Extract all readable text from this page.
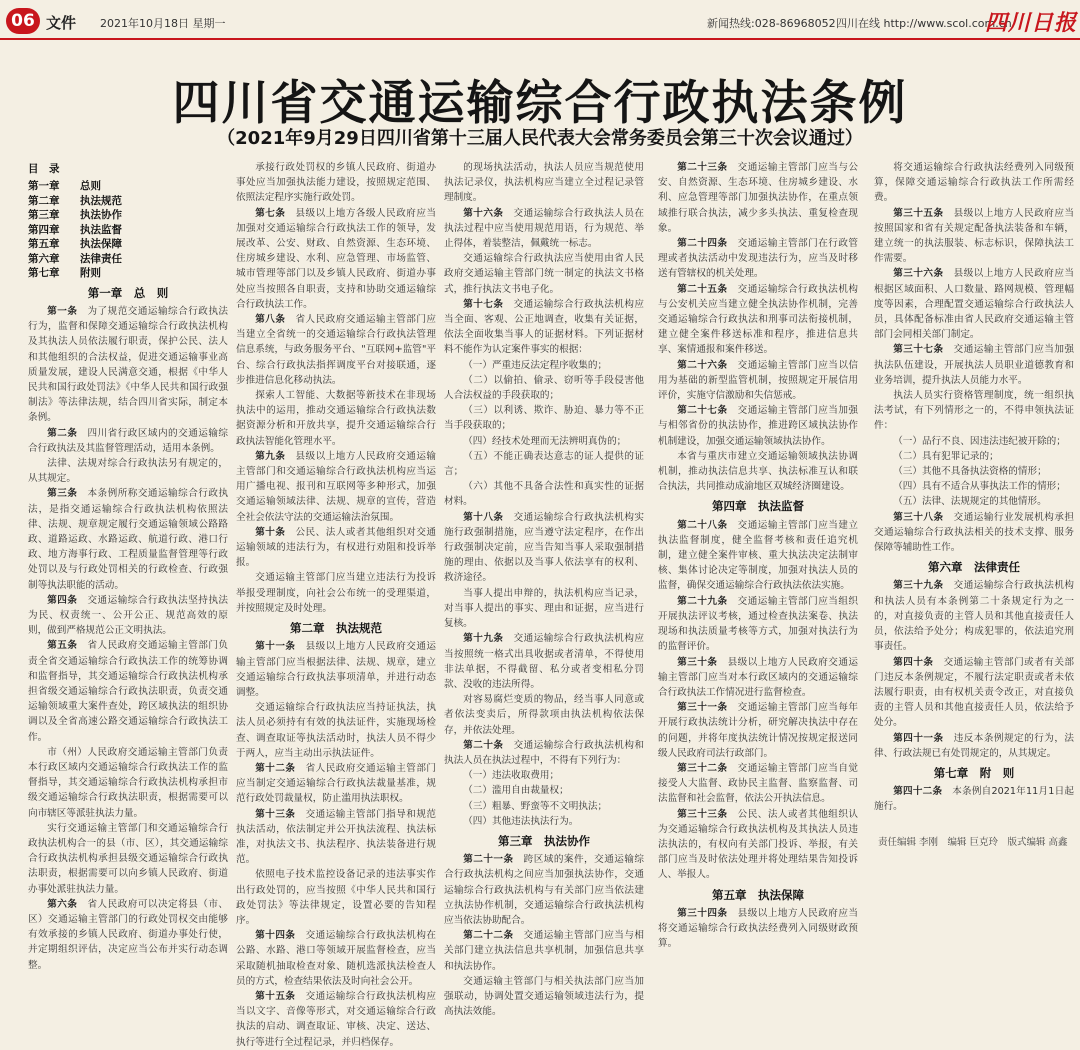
06 文件 2021年10月18日 星期一	新闻热线:028-86968052 四川在线 http://www.scol.com.cn
四川日报
四川省交通运输综合行政执法条例
（2021年9月29日四川省第十三届人民代表大会常务委员会第三十次会议通过）
目　录
第一章	总则
第二章	执法规范
第三章	执法协作
第四章	执法监督
第五章	执法保障
第六章	法律责任
第七章	附则
第一章　总　则

第一条　 为了规范交通运输综合行政执法行为，监督和保障交通运输综合行政执法机构及其执法人员依法履行职责，保护公民、法人和其他组织的合法权益，促进交通运输事业高质量发展，建设人民满意交通，根据《中华人民共和国行政处罚法》《中华人民共和国行政强制法》等法律法规，结合四川省实际，制定本条例。

第二条　 四川省行政区域内的交通运输综合行政执法及其监督管理活动，适用本条例。

法律、法规对综合行政执法另有规定的，从其规定。

第三条　 本条例所称交通运输综合行政执法，是指交通运输综合行政执法机构依照法律、法规、规章规定履行交通运输领域公路路政、道路运政、水路运政、航道行政、港口行政、地方海事行政、工程质量监督管理等行政处罚以及与行政处罚相关的行政检查、行政强制等执法职能的活动。

第四条　 交通运输综合行政执法坚持执法为民、权责统一、公开公正、规范高效的原则，做到严格规范公正文明执法。

第五条　 省人民政府交通运输主管部门负责全省交通运输综合行政执法工作的统筹协调和监督指导，其交通运输综合行政执法机构承担省级交通运输综合行政执法职责，负责交通运输领域重大案件查处，跨区域执法的组织协调以及全省高速公路交通运输综合行政执法工作。

市（州）人民政府交通运输主管部门负责本行政区域内交通运输综合行政执法工作的监督指导，其交通运输综合行政执法机构承担市级交通运输综合行政执法职责，根据需要可以向市辖区等派驻执法力量。

实行交通运输主管部门和交通运输综合行政执法机构合一的县（市、区），其交通运输综合行政执法机构承担县级交通运输综合行政执法职责，根据需要可以向乡镇人民政府、街道办事处派驻执法力量。

第六条　 省人民政府可以决定将县（市、区）交通运输主管部门的行政处罚权交由能够有效承接的乡镇人民政府、街道办事处行使，并定期组织评估，决定应当公布并实行动态调整。

承接行政处罚权的乡镇人民政府、街道办事处应当加强执法能力建设，按照规定范围、依照法定程序实施行政处罚。

第七条　 县级以上地方各级人民政府应当加强对交通运输综合行政执法工作的领导，发展改革、公安、财政、自然资源、生态环境、住房城乡建设、水利、应急管理、市场监管、城市管理等部门以及乡镇人民政府、街道办事处应当按照各自职责，支持和协助交通运输综合行政执法工作。

第八条　 省人民政府交通运输主管部门应当建立全省统一的交通运输综合行政执法管理信息系统，与政务服务平台、"互联网+监管"平台、综合行政执法指挥调度平台对接联通，逐步推进信息化移动执法。

探索人工智能、大数据等新技术在非现场执法中的运用，推动交通运输综合行政执法数据资源分析和开放共享，提升交通运输综合行政执法智能化管理水平。

第九条　 县级以上地方人民政府交通运输主管部门和交通运输综合行政执法机构应当运用广播电视、报刊和互联网等多种形式，加强交通运输领域法律、法规、规章的宣传，营造全社会依法守法的交通运输法治氛围。

第十条　 公民、法人或者其他组织对交通运输领域的违法行为，有权进行劝阻和投诉举报。

交通运输主管部门应当建立违法行为投诉举报受理制度，向社会公布统一的受理渠道，并按照规定及时处理。

第二章　执法规范

第十一条　 县级以上地方人民政府交通运输主管部门应当根据法律、法规、规章，建立交通运输综合行政执法事项清单，并进行动态调整。

交通运输综合行政执法应当持证执法，执法人员必须持有有效的执法证件，实施现场检查、调查取证等执法活动时，执法人员不得少于两人，应当主动出示执法证件。

第十二条　 省人民政府交通运输主管部门应当制定交通运输综合行政执法裁量基准，规范行政处罚裁量权，防止滥用执法职权。

第十三条　 交通运输主管部门指导和规范执法活动，依法制定并公开执法流程、执法标准，对执法文书、执法程序、执法装备进行规范。

依照电子技术监控设备记录的违法事实作出行政处罚的，应当按照《中华人民共和国行政处罚法》等法律规定，设置必要的告知程序。

第十四条　 交通运输综合行政执法机构在公路、水路、港口等领域开展监督检查，应当采取随机抽取检查对象、随机选派执法检查人员的方式，检查结果依法及时向社会公开。

第十五条　 交通运输综合行政执法机构应当以文字、音像等形式，对交通运输综合行政执法的启动、调查取证、审核、决定、送达、执行等进行全过程记录，并归档保存。

的现场执法活动，执法人员应当规范使用执法记录仪，执法机构应当建立全过程记录管理制度。

第十六条　 交通运输综合行政执法人员在执法过程中应当使用规范用语，行为规范、举止得体，着装整洁，佩戴统一标志。

交通运输综合行政执法应当使用由省人民政府交通运输主管部门统一制定的执法文书格式，推行执法文书电子化。

第十七条　 交通运输综合行政执法机构应当全面、客观、公正地调查，收集有关证据，依法全面收集当事人的证据材料。下列证据材料不能作为认定案件事实的根据：

（一）严重违反法定程序收集的；

（二）以偷拍、偷录、窃听等手段侵害他人合法权益的手段获取的；

（三）以利诱、欺诈、胁迫、暴力等不正当手段获取的；

（四）经技术处理而无法辨明真伪的；

（五）不能正确表达意志的证人提供的证言；

（六）其他不具备合法性和真实性的证据材料。

第十八条　 交通运输综合行政执法机构实施行政强制措施，应当遵守法定程序，在作出行政强制决定前，应当告知当事人采取强制措施的理由、依据以及当事人依法享有的权利、救济途径。

当事人提出申辩的，执法机构应当记录，对当事人提出的事实、理由和证据，应当进行复核。

第十九条　 交通运输综合行政执法机构应当按照统一格式出具收据或者清单，不得使用非法单据，不得截留、私分或者变相私分罚款、没收的违法所得。

对容易腐烂变质的物品，经当事人同意或者依法变卖后，所得款项由执法机构依法保存，并依法处理。

第二十条　 交通运输综合行政执法机构和执法人员在执法过程中，不得有下列行为：

（一）违法收取费用；

（二）滥用自由裁量权；

（三）粗暴、野蛮等不文明执法；

（四）其他违法执法行为。

第三章　执法协作

第二十一条　 跨区域的案件，交通运输综合行政执法机构之间应当加强执法协作，交通运输综合行政执法机构与有关部门应当依法建立执法协作机制，交通运输综合行政执法机构应当依法协助配合。

第二十二条　 交通运输主管部门应当与相关部门建立执法信息共享机制，加强信息共享和执法协作。

交通运输主管部门与相关执法部门应当加强联动，协调处置交通运输领域违法行为，提高执法效能。

第二十三条　 交通运输主管部门应当与公安、自然资源、生态环境、住房城乡建设、水利、应急管理等部门加强执法协作，在重点领域推行联合执法，减少多头执法、重复检查现象。

第二十四条　 交通运输主管部门在行政管理或者执法活动中发现违法行为，应当及时移送有管辖权的机关处理。

第二十五条　 交通运输综合行政执法机构与公安机关应当建立健全执法协作机制，完善交通运输综合行政执法和刑事司法衔接机制，建立健全案件移送标准和程序，推进信息共享、案情通报和案件移送。

第二十六条　 交通运输主管部门应当以信用为基础的新型监管机制，按照规定开展信用评价，实施守信激励和失信惩戒。

第二十七条　 交通运输主管部门应当加强与相邻省份的执法协作，推进跨区域执法协作机制建设，加强交通运输领域执法协作。

本省与重庆市建立交通运输领域执法协调机制，推动执法信息共享、执法标准互认和联合执法，共同推动成渝地区双城经济圈建设。

第四章　执法监督

第二十八条　 交通运输主管部门应当建立执法监督制度，健全监督考核和责任追究机制，建立健全案件审核、重大执法决定法制审核、集体讨论决定等制度，加强对执法人员的监督，确保交通运输综合行政执法依法实施。

第二十九条　 交通运输主管部门应当组织开展执法评议考核，通过检查执法案卷、执法现场和执法质量考核等方式，加强对执法行为的监督评价。

第三十条　 县级以上地方人民政府交通运输主管部门应当对本行政区域内的交通运输综合行政执法工作情况进行监督检查。

第三十一条　 交通运输主管部门应当每年开展行政执法统计分析，研究解决执法中存在的问题，并将年度执法统计情况按规定报送同级人民政府司法行政部门。

第三十二条　 交通运输主管部门应当自觉接受人大监督、政协民主监督、监察监督、司法监督和社会监督，依法公开执法信息。

第三十三条　 公民、法人或者其他组织认为交通运输综合行政执法机构及其执法人员违法执法的，有权向有关部门投诉、举报，有关部门应当及时依法处理并将处理结果告知投诉人、举报人。

第五章　执法保障

第三十四条　 县级以上地方人民政府应当将交通运输综合行政执法经费列入同级财政预算。

将交通运输综合行政执法经费列入同级预算，保障交通运输综合行政执法工作所需经费。

第三十五条　 县级以上地方人民政府应当按照国家和省有关规定配备执法装备和车辆，建立统一的执法服装、标志标识，保障执法工作需要。

第三十六条　 县级以上地方人民政府应当根据区域面积、人口数量、路网规模、管理幅度等因素，合理配置交通运输综合行政执法人员，具体配备标准由省人民政府交通运输主管部门会同相关部门制定。

第三十七条　 交通运输主管部门应当加强执法队伍建设，开展执法人员职业道德教育和业务培训，提升执法人员能力水平。

执法人员实行资格管理制度，统一组织执法考试，有下列情形之一的，不得申领执法证件：

（一）品行不良、因违法违纪被开除的；

（二）具有犯罪记录的；

（三）其他不具备执法资格的情形；

（四）具有不适合从事执法工作的情形；

（五）法律、法规规定的其他情形。

第三十八条　 交通运输行业发展机构承担交通运输综合行政执法相关的技术支撑、服务保障等辅助性工作。

第六章　法律责任

第三十九条　 交通运输综合行政执法机构和执法人员有本条例第二十条规定行为之一的，对直接负责的主管人员和其他直接责任人员，依法给予处分；构成犯罪的，依法追究刑事责任。

第四十条　 交通运输主管部门或者有关部门违反本条例规定，不履行法定职责或者未依法履行职责，由有权机关责令改正，对直接负责的主管人员和其他直接责任人员，依法给予处分。

第四十一条　 违反本条例规定的行为，法律、行政法规已有处罚规定的，从其规定。

第七章　附　则

第四十二条　 本条例自2021年11月1日起施行。

责任编辑 李刚　编辑 巨克玲　版式编辑 高鑫
